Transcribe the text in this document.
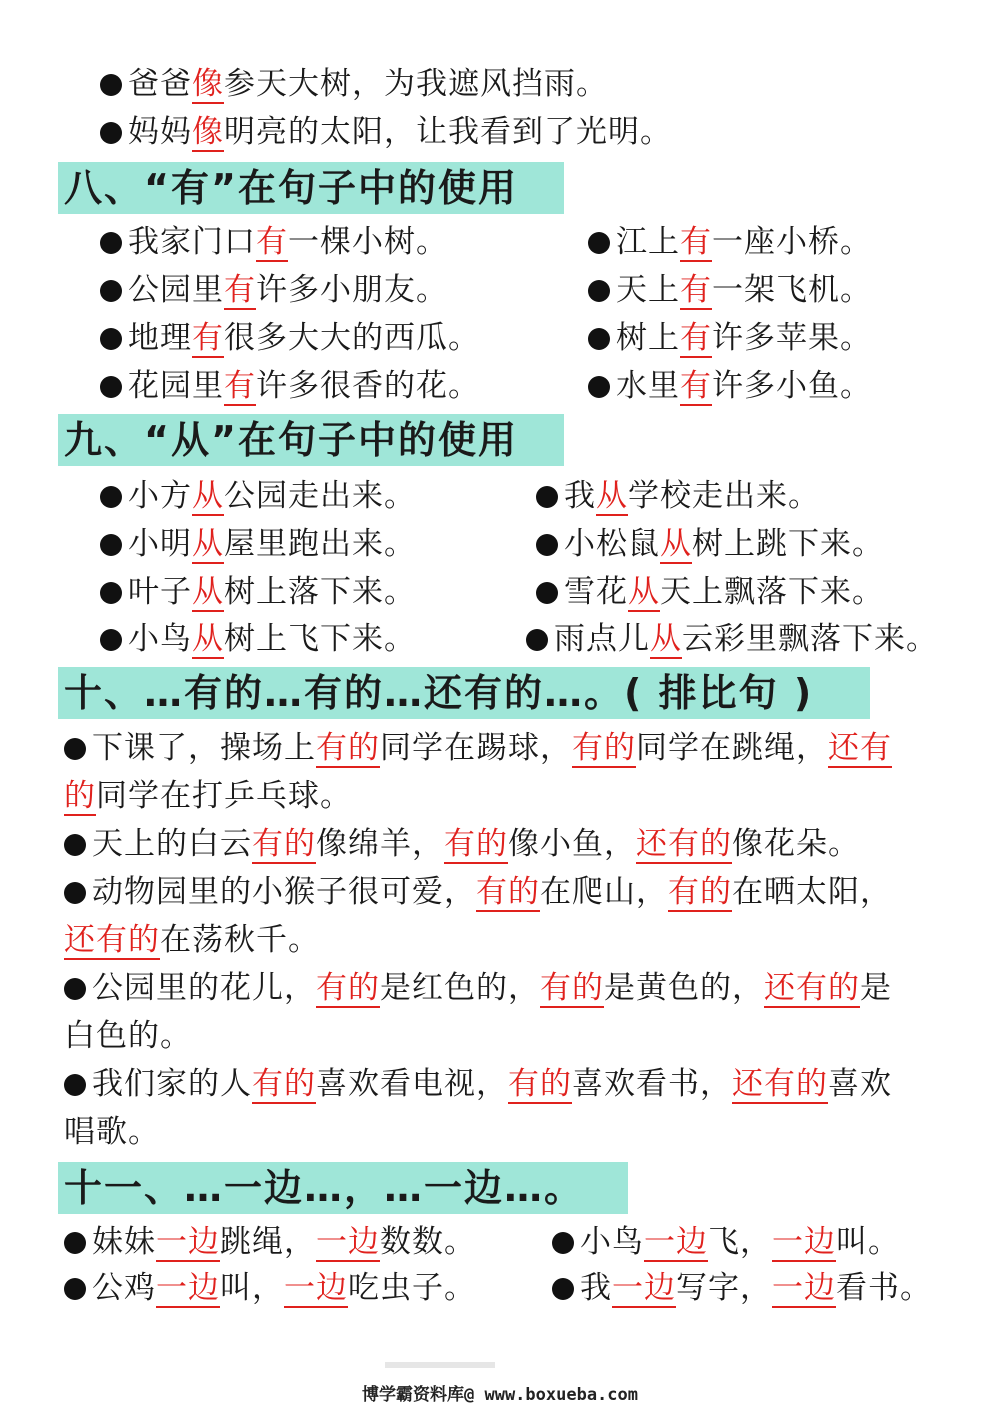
爸爸像参天大树，为我遮风挡雨。
妈妈像明亮的太阳，让我看到了光明。
八、“有”在句子中的使用
我家门口有一棵小树。
公园里有许多小朋友。
地理有很多大大的西瓜。
花园里有许多很香的花。
江上有一座小桥。
天上有一架飞机。
树上有许多苹果。
水里有许多小鱼。
九、“从”在句子中的使用
小方从公园走出来。
小明从屋里跑出来。
叶子从树上落下来。
小鸟从树上飞下来。
我从学校走出来。
小松鼠从树上跳下来。
雪花从天上飘落下来。
雨点儿从云彩里飘落下来。
十、…有的…有的…还有的…。( 排比句 )
下课了，操场上有的同学在踢球，有的同学在跳绳，还有
的同学在打乒乓球。
天上的白云有的像绵羊，有的像小鱼，还有的像花朵。
动物园里的小猴子很可爱，有的在爬山，有的在晒太阳，
还有的在荡秋千。
公园里的花儿，有的是红色的，有的是黄色的，还有的是
白色的。
我们家的人有的喜欢看电视，有的喜欢看书，还有的喜欢
唱歌。
十一、…一边…，…一边…。
妹妹一边跳绳，一边数数。
公鸡一边叫，一边吃虫子。
小鸟一边飞，一边叫。
我一边写字，一边看书。
博学霸资料库@ www.boxueba.com
